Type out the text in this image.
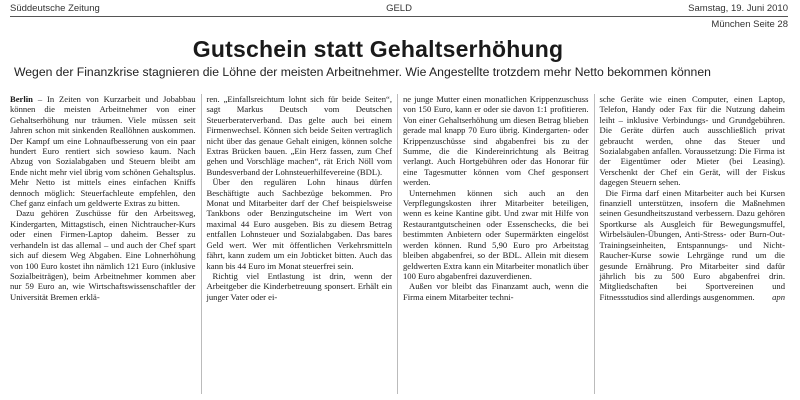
Süddeutsche Zeitung	GELD	Samstag, 19. Juni 2010
München Seite 28
Gutschein statt Gehaltserhöhung
Wegen der Finanzkrise stagnieren die Löhne der meisten Arbeitnehmer. Wie Angestellte trotzdem mehr Netto bekommen können

Berlin – In Zeiten von Kurzarbeit und Jobabbau können die meisten Arbeitnehmer von einer Gehaltserhöhung nur träumen. Viele müssen seit Jahren schon mit sinkenden Reallöhnen auskommen. Der Kampf um eine Lohnaufbesserung von ein paar hundert Euro rentiert sich sowieso kaum. Nach Abzug von Sozialabgaben und Steuern bleibt am Ende nicht mehr viel übrig vom schönen Gehaltsplus. Mehr Netto ist mittels eines einfachen Kniffs dennoch möglich: Steuerfachleute empfehlen, den Chef ganz einfach um geldwerte Extras zu bitten.

Dazu gehören Zuschüsse für den Arbeitsweg, Kindergarten, Mittagstisch, einen Nichtraucher-Kurs oder einen Firmen-Laptop daheim. Besser zu verhandeln ist das allemal – und auch der Chef spart sich auf diesem Weg Abgaben. Eine Lohnerhöhung von 100 Euro kostet ihn nämlich 121 Euro (inklusive Sozialbeiträgen), beim Arbeitnehmer kommen aber nur 59 Euro an, wie Wirtschaftswissenschaftler der Universität Bremen erklä-

ren. „Einfallsreichtum lohnt sich für beide Seiten“, sagt Markus Deutsch vom Deutschen Steuerberaterverband. Das gelte auch bei einem Firmenwechsel. Können sich beide Seiten vertraglich nicht über das genaue Gehalt einigen, können solche Extras Brücken bauen. „Ein Herz fassen, zum Chef gehen und Vorschläge machen“, rät Erich Nöll vom Bundesverband der Lohnsteuerhilfevereine (BDL).

Über den regulären Lohn hinaus dürfen Beschäftigte auch Sachbezüge bekommen. Pro Monat und Mitarbeiter darf der Chef beispielsweise Tankbons oder Benzingutscheine im Wert von maximal 44 Euro ausgeben. Bis zu diesem Betrag entfallen Lohnsteuer und Sozialabgaben. Das bares Geld wert. Wer mit öffentlichen Verkehrsmitteln fährt, kann zudem um ein Jobticket bitten. Auch das kann bis 44 Euro im Monat steuerfrei sein.

Richtig viel Entlastung ist drin, wenn der Arbeitgeber die Kinderbetreuung sponsert. Erhält ein junger Vater oder ei-

ne junge Mutter einen monatlichen Krippenzuschuss von 150 Euro, kann er oder sie davon 1:1 profitieren. Von einer Gehaltserhöhung um diesen Betrag blieben gerade mal knapp 70 Euro übrig. Kindergarten- oder Krippenzuschüsse sind abgabenfrei bis zu der Summe, die die Kindereinrichtung als Beitrag verlangt. Auch Hortgebühren oder das Honorar für eine Tagesmutter können vom Chef gesponsert werden.

Unternehmen können sich auch an den Verpflegungskosten ihrer Mitarbeiter beteiligen, wenn es keine Kantine gibt. Und zwar mit Hilfe von Restaurantgutscheinen oder Essenschecks, die bei bestimmten Anbietern oder Supermärkten eingelöst werden können. Rund 5,90 Euro pro Arbeitstag bleiben abgabenfrei, so der BDL. Allein mit diesem geldwerten Extra kann ein Mitarbeiter monatlich über 100 Euro abgabenfrei dazuverdienen.

Außen vor bleibt das Finanzamt auch, wenn die Firma einem Mitarbeiter techni-

sche Geräte wie einen Computer, einen Laptop, Telefon, Handy oder Fax für die Nutzung daheim leiht – inklusive Verbindungs- und Grundgebühren. Die Geräte dürfen auch ausschließlich privat gebraucht werden, ohne das Steuer und Sozialabgaben anfallen. Voraussetzung: Die Firma ist der Eigentümer oder Mieter (bei Leasing). Verschenkt der Chef ein Gerät, will der Fiskus dagegen Steuern sehen.

Die Firma darf einen Mitarbeiter auch bei Kursen finanziell unterstützen, insofern die Maßnehmen seinen Gesundheitszustand verbessern. Dazu gehören Sportkurse als Ausgleich für Bewegungsmuffel, Wirbelsäulen-Übungen, Anti-Stress- oder Burn-Out-Trainingseinheiten, Entspannungs- und Nicht-Raucher-Kurse sowie Lehrgänge rund um die gesunde Ernährung. Pro Mitarbeiter sind dafür jährlich bis zu 500 Euro abgabenfrei drin. Mitgliedschaften bei Sportvereinen und Fitnessstudios sind allerdings ausgenommen.	apn
